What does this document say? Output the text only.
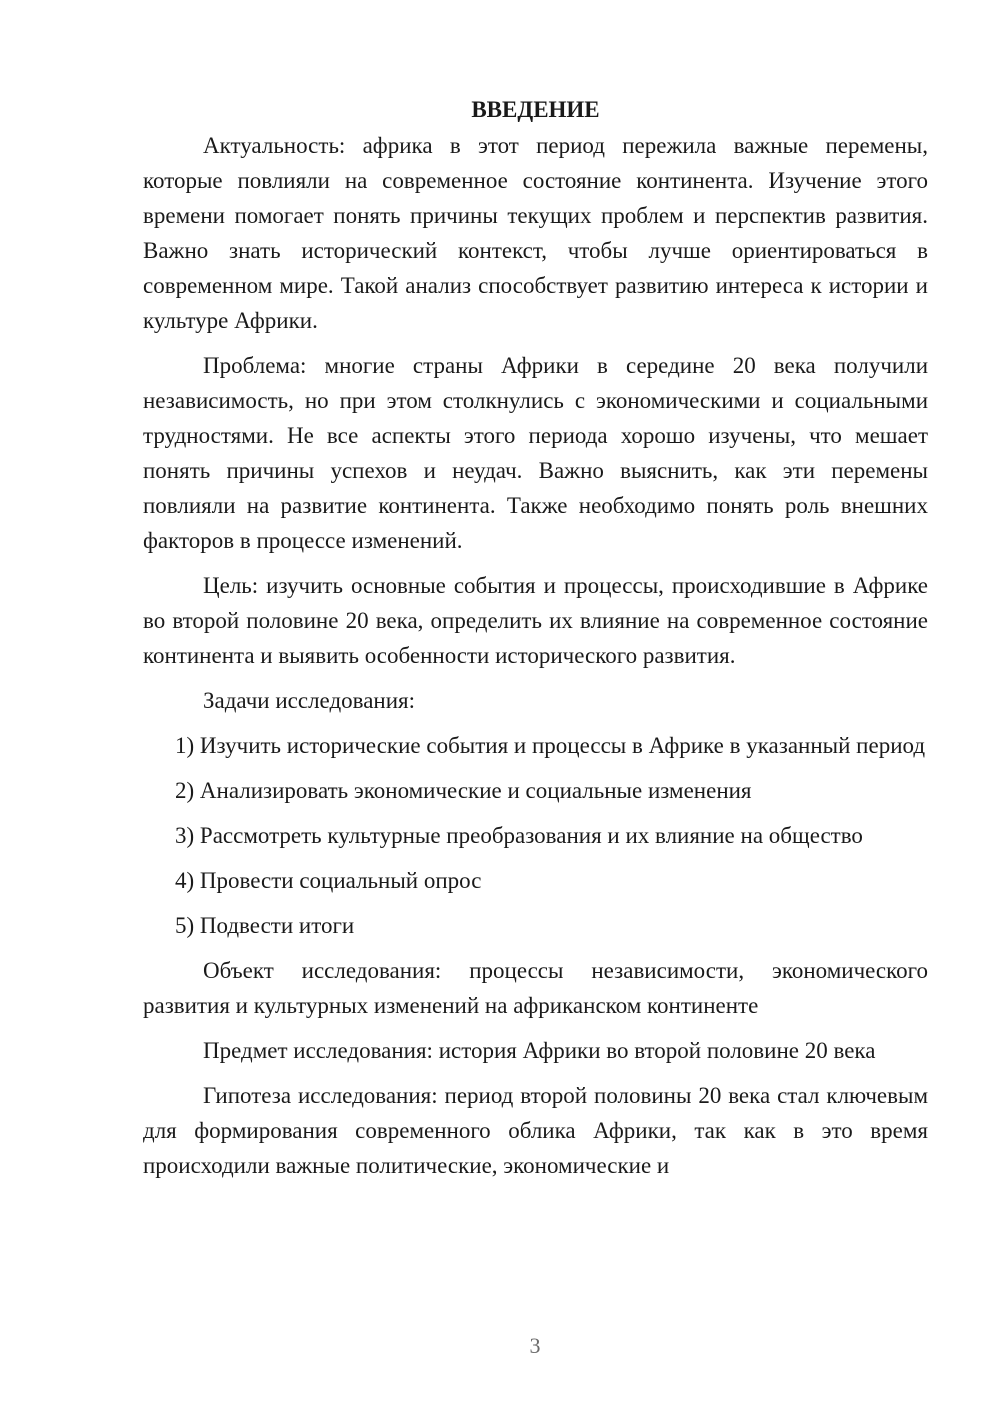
ВВЕДЕНИЕ

Актуальность: африка в этот период пережила важные перемены, которые повлияли на современное состояние континента. Изучение этого времени помогает понять причины текущих проблем и перспектив развития. Важно знать исторический контекст, чтобы лучше ориентироваться в современном мире. Такой анализ способствует развитию интереса к истории и культуре Африки.

Проблема: многие страны Африки в середине 20 века получили независимость, но при этом столкнулись с экономическими и социальными трудностями. Не все аспекты этого периода хорошо изучены, что мешает понять причины успехов и неудач. Важно выяснить, как эти перемены повлияли на развитие континента. Также необходимо понять роль внешних факторов в процессе изменений.

Цель: изучить основные события и процессы, происходившие в Африке во второй половине 20 века, определить их влияние на современное состояние континента и выявить особенности исторического развития.

Задачи исследования:

1) Изучить исторические события и процессы в Африке в указанный период

2) Анализировать экономические и социальные изменения

3) Рассмотреть культурные преобразования и их влияние на общество

4) Провести социальный опрос

5) Подвести итоги

Объект исследования: процессы независимости, экономического развития и культурных изменений на африканском континенте

Предмет исследования: история Африки во второй половине 20 века

Гипотеза исследования: период второй половины 20 века стал ключевым для формирования современного облика Африки, так как в это время происходили важные политические, экономические и

3
